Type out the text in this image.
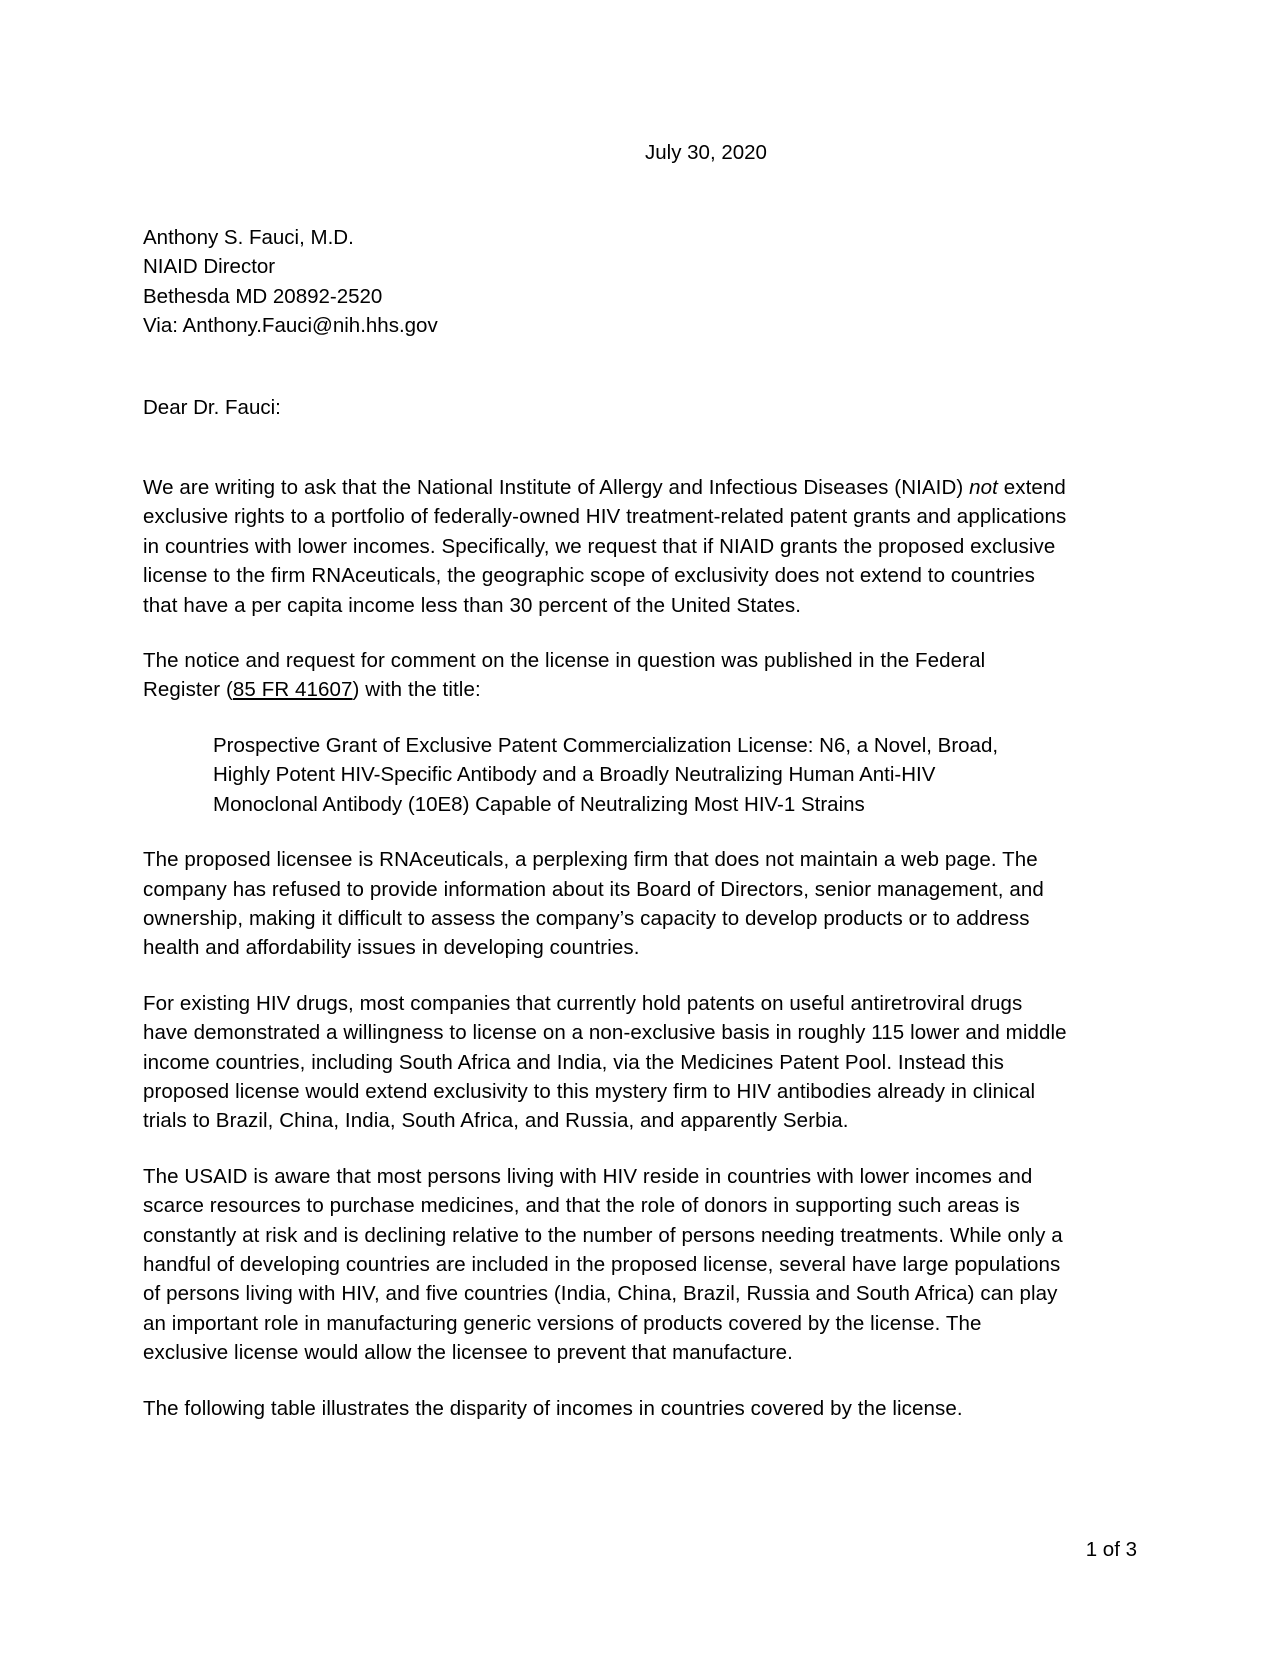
July 30, 2020
Anthony S. Fauci, M.D.
NIAID Director
Bethesda MD 20892-2520
Via: Anthony.Fauci@nih.hhs.gov
Dear Dr. Fauci:

We are writing to ask that the National Institute of Allergy and Infectious Diseases (NIAID) not extend exclusive rights to a portfolio of federally-owned HIV treatment-related patent grants and applications in countries with lower incomes. Specifically, we request that if NIAID grants the proposed exclusive license to the firm RNAceuticals, the geographic scope of exclusivity does not extend to countries that have a per capita income less than 30 percent of the United States.

The notice and request for comment on the license in question was published in the Federal Register (85 FR 41607) with the title:

Prospective Grant of Exclusive Patent Commercialization License: N6, a Novel, Broad,
Highly Potent HIV-Specific Antibody and a Broadly Neutralizing Human Anti-HIV
Monoclonal Antibody (10E8) Capable of Neutralizing Most HIV-1 Strains

The proposed licensee is RNAceuticals, a perplexing firm that does not maintain a web page. The company has refused to provide information about its Board of Directors, senior management, and ownership, making it difficult to assess the company’s capacity to develop products or to address health and affordability issues in developing countries.

For existing HIV drugs, most companies that currently hold patents on useful antiretroviral drugs have demonstrated a willingness to license on a non-exclusive basis in roughly 115 lower and middle income countries, including South Africa and India, via the Medicines Patent Pool. Instead this proposed license would extend exclusivity to this mystery firm to HIV antibodies already in clinical trials to Brazil, China, India, South Africa, and Russia, and apparently Serbia.

The USAID is aware that most persons living with HIV reside in countries with lower incomes and scarce resources to purchase medicines, and that the role of donors in supporting such areas is constantly at risk and is declining relative to the number of persons needing treatments. While only a handful of developing countries are included in the proposed license, several have large populations of persons living with HIV, and five countries (India, China, Brazil, Russia and South Africa) can play an important role in manufacturing generic versions of products covered by the license. The exclusive license would allow the licensee to prevent that manufacture.

The following table illustrates the disparity of incomes in countries covered by the license.

1 of 3
